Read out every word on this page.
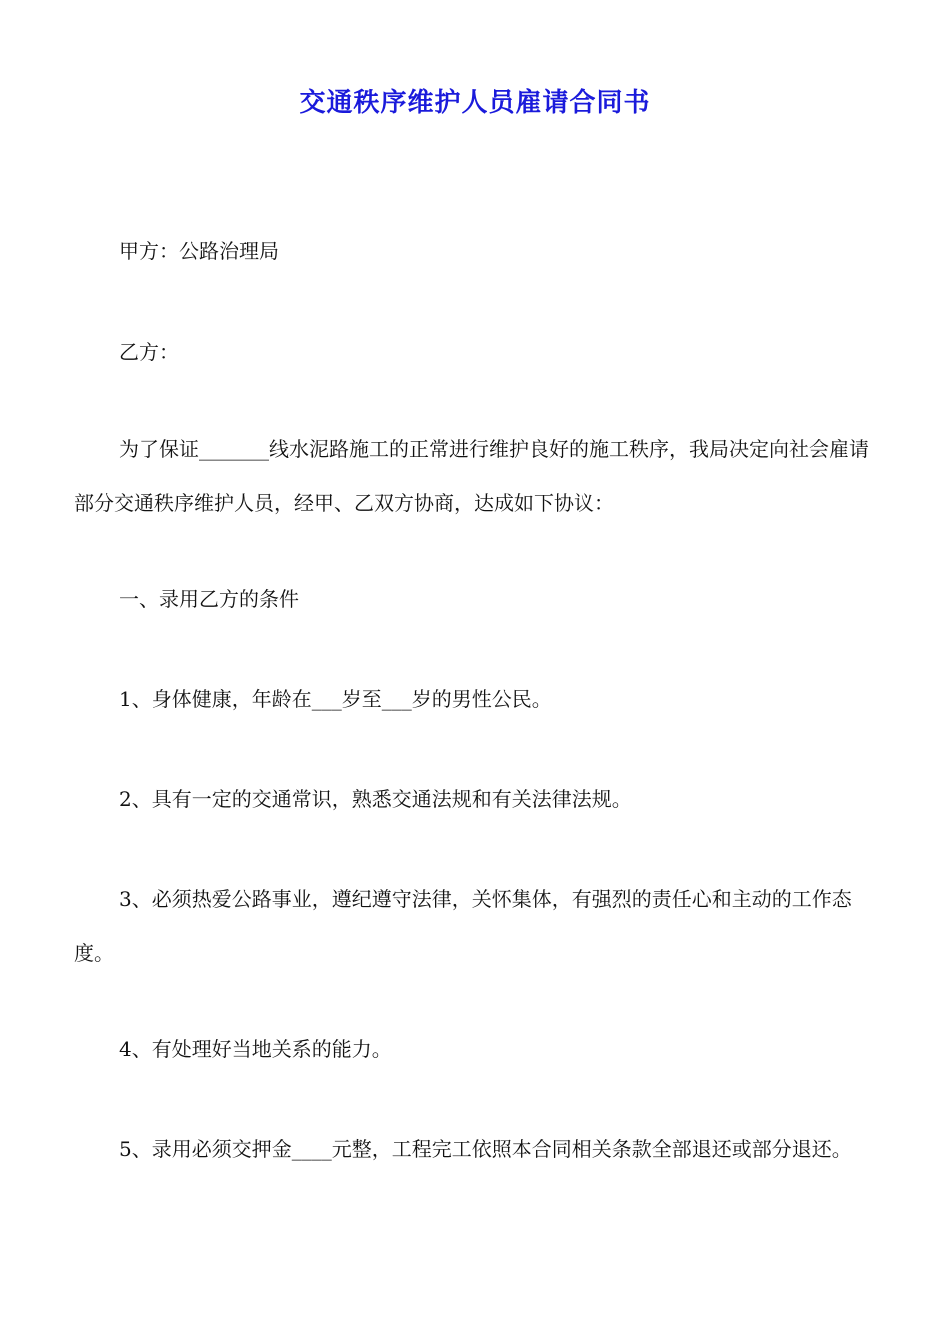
交通秩序维护人员雇请合同书
甲方：公路治理局
乙方：
为了保证_______线水泥路施工的正常进行维护良好的施工秩序，我局决定向社会雇请部分交通秩序维护人员，经甲、乙双方协商，达成如下协议：
一、录用乙方的条件
1、身体健康，年龄在___岁至___岁的男性公民。
2、具有一定的交通常识，熟悉交通法规和有关法律法规。
3、必须热爱公路事业，遵纪遵守法律，关怀集体，有强烈的责任心和主动的工作态度。
4、有处理好当地关系的能力。
5、录用必须交押金____元整，工程完工依照本合同相关条款全部退还或部分退还。
